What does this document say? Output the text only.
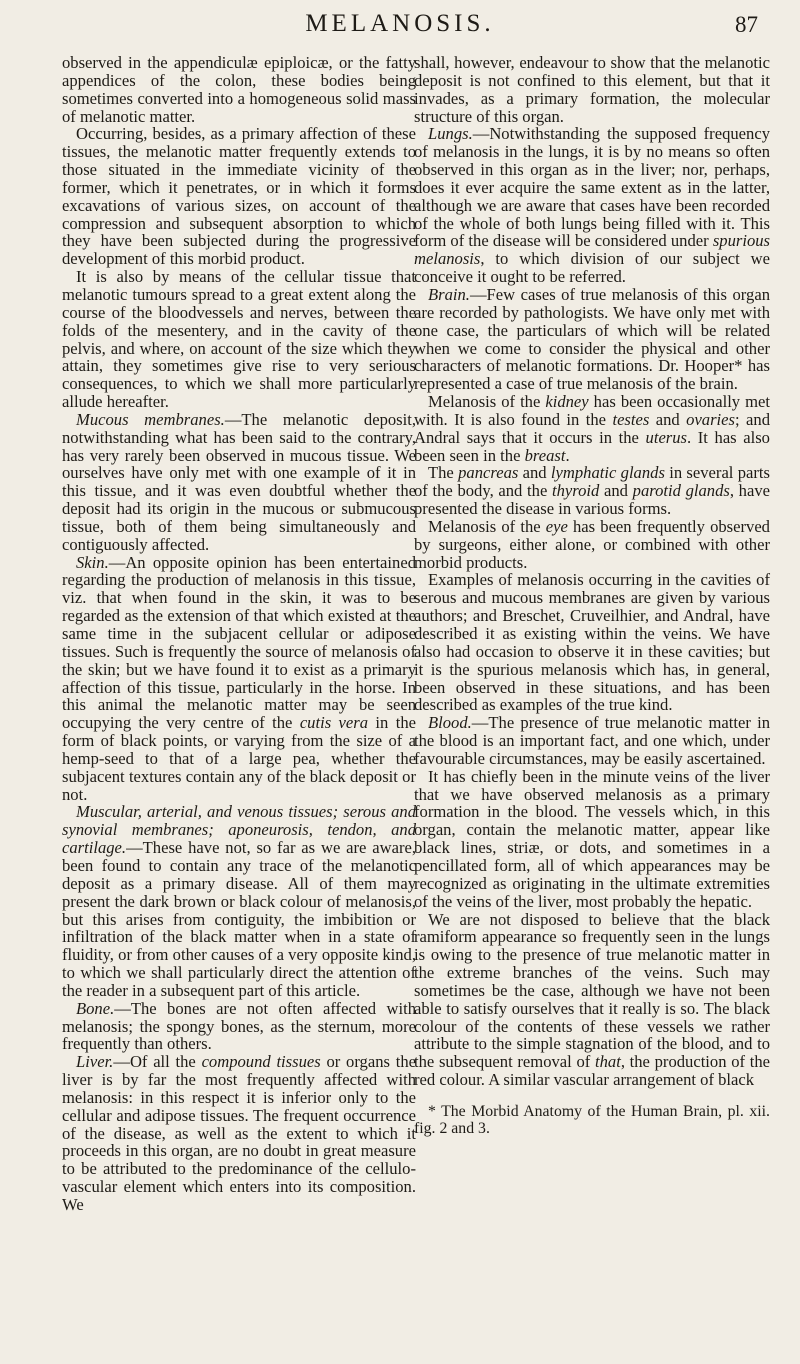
MELANOSIS.	87

observed in the appendiculæ epiploicæ, or the fatty appendices of the colon, these bodies being sometimes converted into a homogeneous solid mass of melanotic matter.

Occurring, besides, as a primary affection of these tissues, the melanotic matter frequently extends to those situated in the immediate vicinity of the former, which it penetrates, or in which it forms excavations of various sizes, on account of the compression and subsequent absorption to which they have been subjected during the progressive development of this morbid product.

It is also by means of the cellular tissue that melanotic tumours spread to a great extent along the course of the bloodvessels and nerves, between the folds of the mesentery, and in the cavity of the pelvis, and where, on account of the size which they attain, they sometimes give rise to very serious consequences, to which we shall more particularly allude hereafter.

Mucous membranes.—The melanotic deposit, notwithstanding what has been said to the contrary, has very rarely been observed in mucous tissue. We ourselves have only met with one example of it in this tissue, and it was even doubtful whether the deposit had its origin in the mucous or submucous tissue, both of them being simultaneously and contiguously affected.

Skin.—An opposite opinion has been entertained regarding the production of melanosis in this tissue, viz. that when found in the skin, it was to be regarded as the extension of that which existed at the same time in the subjacent cellular or adipose tissues. Such is frequently the source of melanosis of the skin; but we have found it to exist as a primary affection of this tissue, particularly in the horse. In this animal the melanotic matter may be seen occupying the very centre of the cutis vera in the form of black points, or varying from the size of a hemp-seed to that of a large pea, whether the subjacent textures contain any of the black deposit or not.

Muscular, arterial, and venous tissues; serous and synovial membranes; aponeurosis, tendon, and cartilage.—These have not, so far as we are aware, been found to contain any trace of the melanotic deposit as a primary disease. All of them may present the dark brown or black colour of melanosis, but this arises from contiguity, the imbibition or infiltration of the black matter when in a state of fluidity, or from other causes of a very opposite kind, to which we shall particularly direct the attention of the reader in a subsequent part of this article.

Bone.—The bones are not often affected with melanosis; the spongy bones, as the sternum, more frequently than others.

Liver.—Of all the compound tissues or organs the liver is by far the most frequently affected with melanosis: in this respect it is inferior only to the cellular and adipose tissues. The frequent occurrence of the disease, as well as the extent to which it proceeds in this organ, are no doubt in great measure to be attributed to the predominance of the cellulo-vascular element which enters into its composition. We

shall, however, endeavour to show that the melanotic deposit is not confined to this element, but that it invades, as a primary formation, the molecular structure of this organ.

Lungs.—Notwithstanding the supposed frequency of melanosis in the lungs, it is by no means so often observed in this organ as in the liver; nor, perhaps, does it ever acquire the same extent as in the latter, although we are aware that cases have been recorded of the whole of both lungs being filled with it. This form of the disease will be considered under spurious melanosis, to which division of our subject we conceive it ought to be referred.

Brain.—Few cases of true melanosis of this organ are recorded by pathologists. We have only met with one case, the particulars of which will be related when we come to consider the physical and other characters of melanotic formations. Dr. Hooper* has represented a case of true melanosis of the brain.

Melanosis of the kidney has been occasionally met with. It is also found in the testes and ovaries; and Andral says that it occurs in the uterus. It has also been seen in the breast.

The pancreas and lymphatic glands in several parts of the body, and the thyroid and parotid glands, have presented the disease in various forms.

Melanosis of the eye has been frequently observed by surgeons, either alone, or combined with other morbid products.

Examples of melanosis occurring in the cavities of serous and mucous membranes are given by various authors; and Breschet, Cruveilhier, and Andral, have described it as existing within the veins. We have also had occasion to observe it in these cavities; but it is the spurious melanosis which has, in general, been observed in these situations, and has been described as examples of the true kind.

Blood.—The presence of true melanotic matter in the blood is an important fact, and one which, under favourable circumstances, may be easily ascertained.

It has chiefly been in the minute veins of the liver that we have observed melanosis as a primary formation in the blood. The vessels which, in this organ, contain the melanotic matter, appear like black lines, striæ, or dots, and sometimes in a pencillated form, all of which appearances may be recognized as originating in the ultimate extremities of the veins of the liver, most probably the hepatic.

We are not disposed to believe that the black ramiform appearance so frequently seen in the lungs is owing to the presence of true melanotic matter in the extreme branches of the veins. Such may sometimes be the case, although we have not been able to satisfy ourselves that it really is so. The black colour of the contents of these vessels we rather attribute to the simple stagnation of the blood, and to the subsequent removal of that, the production of the red colour. A similar vascular arrangement of black

* The Morbid Anatomy of the Human Brain, pl. xii. fig. 2 and 3.
